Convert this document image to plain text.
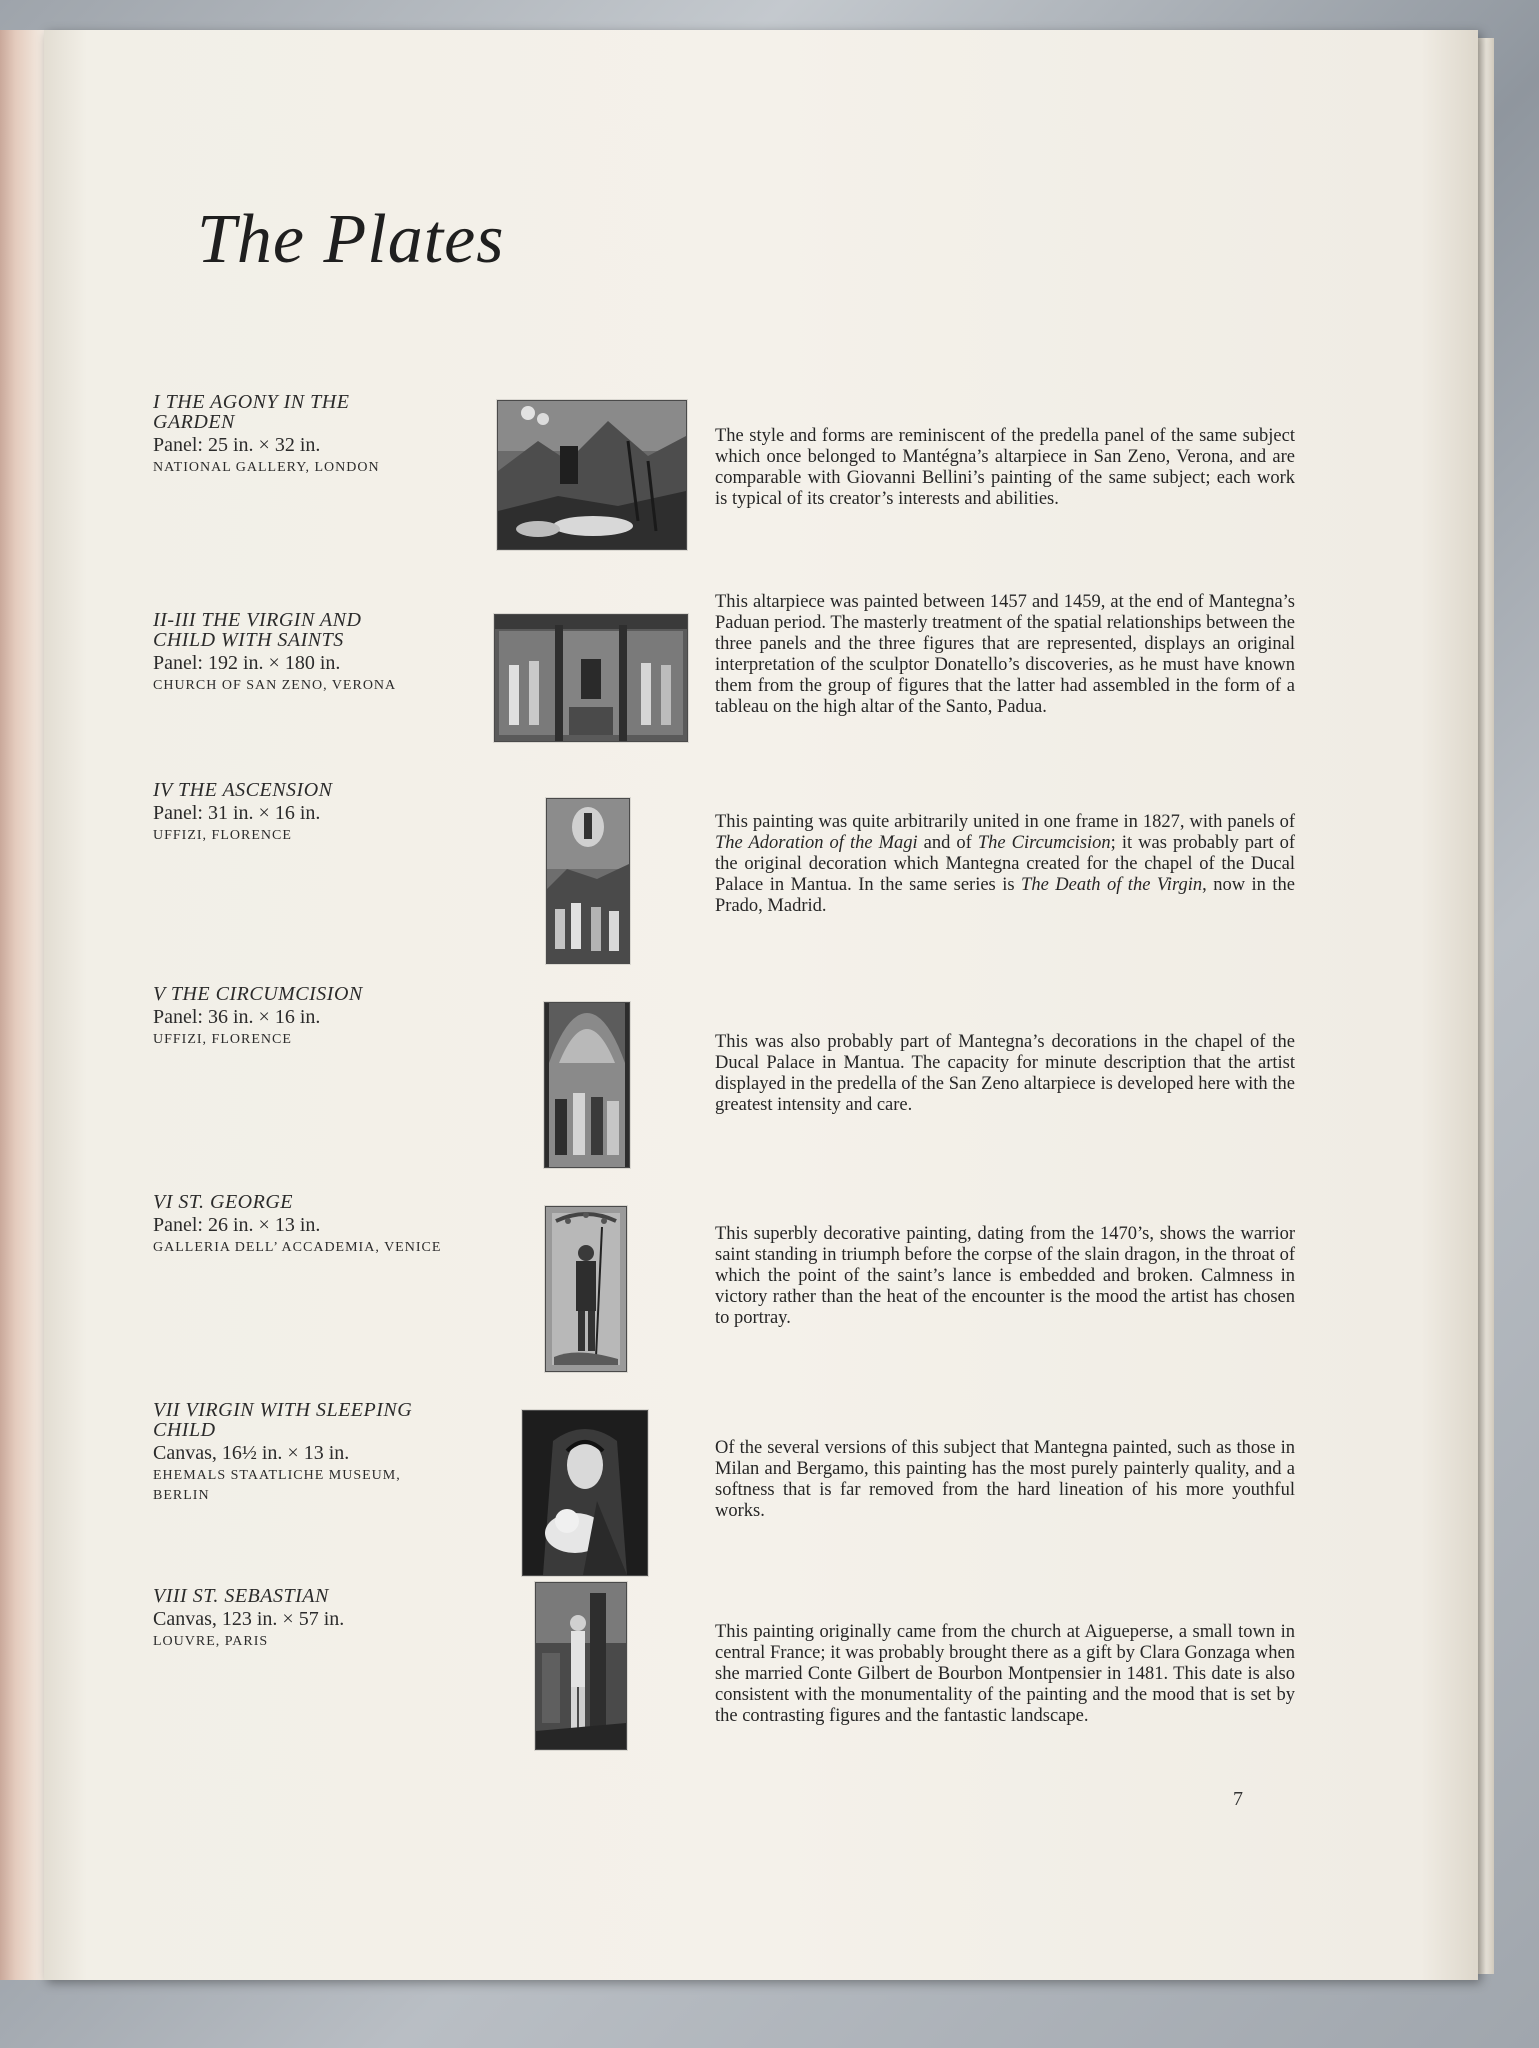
The Plates
I THE AGONY IN THE GARDEN
Panel: 25 in. × 32 in.
NATIONAL GALLERY, LONDON

The style and forms are reminiscent of the predella panel of the same subject which once belonged to Mantégna’s altarpiece in San Zeno, Verona, and are comparable with Giovanni Bellini’s painting of the same subject; each work is typical of its creator’s interests and abilities.

II-III THE VIRGIN AND CHILD WITH SAINTS
Panel: 192 in. × 180 in.
CHURCH OF SAN ZENO, VERONA

This altarpiece was painted between 1457 and 1459, at the end of Mantegna’s Paduan period. The masterly treatment of the spatial relationships between the three panels and the three figures that are represented, displays an original interpretation of the sculptor Donatello’s discoveries, as he must have known them from the group of figures that the latter had assembled in the form of a tableau on the high altar of the Santo, Padua.

IV THE ASCENSION
Panel: 31 in. × 16 in.
UFFIZI, FLORENCE

This painting was quite arbitrarily united in one frame in 1827, with panels of The Adoration of the Magi and of The Circumcision; it was probably part of the original decoration which Mantegna created for the chapel of the Ducal Palace in Mantua. In the same series is The Death of the Virgin, now in the Prado, Madrid.

V THE CIRCUMCISION
Panel: 36 in. × 16 in.
UFFIZI, FLORENCE	This was also probably part of Mantegna’s decorations in the chapel of the Ducal Palace in Mantua. The capacity for minute description that the artist displayed in the predella of the San Zeno altarpiece is developed here with the greatest intensity and care.

VI ST. GEORGE
Panel: 26 in. × 13 in.
GALLERIA DELL’ ACCADEMIA, VENICE

This superbly decorative painting, dating from the 1470’s, shows the warrior saint standing in triumph before the corpse of the slain dragon, in the throat of which the point of the saint’s lance is embedded and broken. Calmness in victory rather than the heat of the encounter is the mood the artist has chosen to portray.

VII VIRGIN WITH SLEEPING CHILD
Canvas, 16½ in. × 13 in.
EHEMALS STAATLICHE MUSEUM, BERLIN

Of the several versions of this subject that Mantegna painted, such as those in Milan and Bergamo, this painting has the most purely painterly quality, and a softness that is far removed from the hard lineation of his more youthful works.

VIII ST. SEBASTIAN
Canvas, 123 in. × 57 in.
LOUVRE, PARIS	This painting originally came from the church at Aigueperse, a small town in central France; it was probably brought there as a gift by Clara Gonzaga when she married Conte Gilbert de Bourbon Montpensier in 1481. This date is also consistent with the monumentality of the painting and the mood that is set by the contrasting figures and the fantastic landscape.

7
